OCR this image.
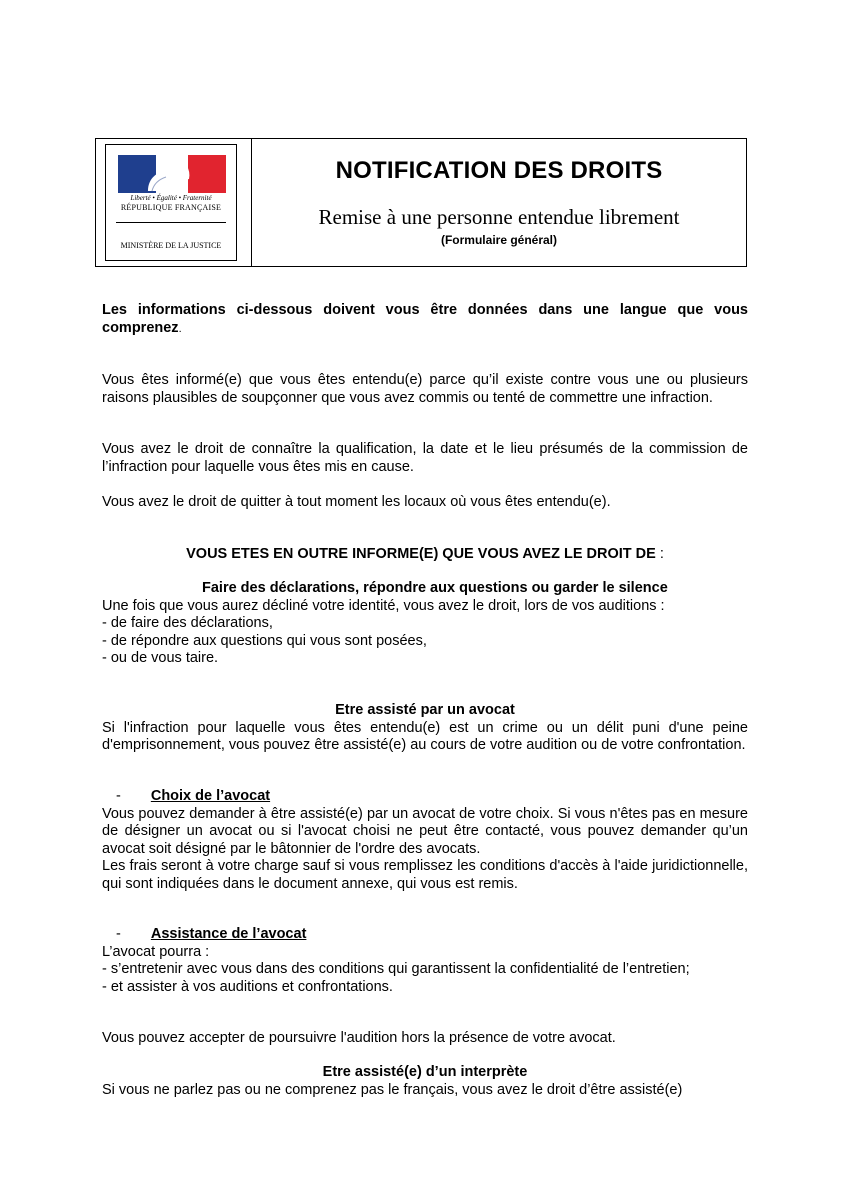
Liberté • Égalité • Fraternité
RÉPUBLIQUE FRANÇAISE
MINISTÈRE DE LA JUSTICE
NOTIFICATION DES DROITS
Remise à une personne entendue librement
(Formulaire général)
Les informations ci-dessous doivent vous être données dans une langue que vous comprenez.
Vous êtes informé(e) que vous êtes entendu(e) parce qu’il existe contre vous une ou plusieurs raisons plausibles de soupçonner que vous avez commis ou tenté de commettre une infraction.
Vous avez le droit de connaître la qualification, la date et le lieu présumés de la commission de l’infraction pour laquelle vous êtes mis en cause.
Vous avez le droit de quitter à tout moment les locaux où vous êtes entendu(e).
VOUS ETES EN OUTRE INFORME(E) QUE VOUS AVEZ LE DROIT DE :
Faire des déclarations, répondre aux questions ou garder le silence
Une fois que vous aurez décliné votre identité, vous avez le droit, lors de vos auditions :
- de faire des déclarations,
- de répondre aux questions qui vous sont posées,
- ou de vous taire.
Etre assisté par un avocat
Si l'infraction pour laquelle vous êtes entendu(e) est un crime ou un délit puni d'une peine d'emprisonnement, vous pouvez être assisté(e) au cours de votre audition ou de votre confrontation.
- Choix de l’avocat
Vous pouvez demander à être assisté(e) par un avocat de votre choix. Si vous n'êtes pas en mesure de désigner un avocat ou si l'avocat choisi ne peut être contacté, vous pouvez demander qu’un avocat soit désigné par le bâtonnier de l'ordre des avocats.
Les frais seront à votre charge sauf si vous remplissez les conditions d'accès à l'aide juridictionnelle, qui sont indiquées dans le document annexe, qui vous est remis.
- Assistance de l’avocat
L’avocat pourra :
- s’entretenir avec vous dans des conditions qui garantissent la confidentialité de l’entretien;
- et assister à vos auditions et confrontations.
Vous pouvez accepter de poursuivre l'audition hors la présence de votre avocat.
Etre assisté(e) d’un interprète
Si vous ne parlez pas ou ne comprenez pas le français, vous avez le droit d’être assisté(e)
